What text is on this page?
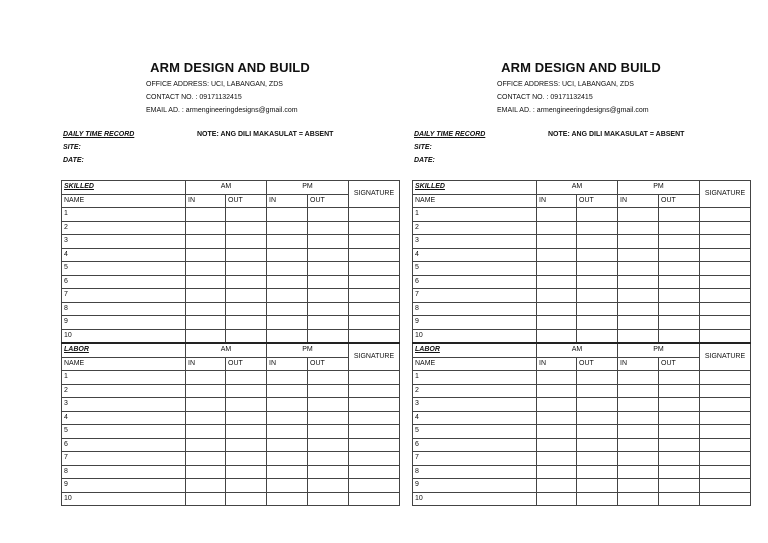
ARM DESIGN AND BUILD
OFFICE ADDRESS: UCI, LABANGAN, ZDS
CONTACT NO. : 09171132415
EMAIL AD. : armengineeringdesigns@gmail.com
DAILY TIME RECORD	NOTE: ANG DILI MAKASULAT = ABSENT
SITE:
DATE:
SKILLED	AM		PM		SIGNATURE
NAME	IN	OUT	IN	OUT	
1					
2					
3					
4					
5					
6					
7					
8					
9					
10					
LABOR	AM		PM		SIGNATURE
NAME	IN	OUT	IN	OUT	
1					
2					
3					
4					
5					
6					
7					
8					
9					
10					
ARM DESIGN AND BUILD
OFFICE ADDRESS: UCI, LABANGAN, ZDS
CONTACT NO. : 09171132415
EMAIL AD. : armengineeringdesigns@gmail.com
DAILY TIME RECORD	NOTE: ANG DILI MAKASULAT = ABSENT
SITE:
DATE:
SKILLED	AM		PM		SIGNATURE
NAME	IN	OUT	IN	OUT	
1					
2					
3					
4					
5					
6					
7					
8					
9					
10					
LABOR	AM		PM		SIGNATURE
NAME	IN	OUT	IN	OUT	
1					
2					
3					
4					
5					
6					
7					
8					
9					
10					
